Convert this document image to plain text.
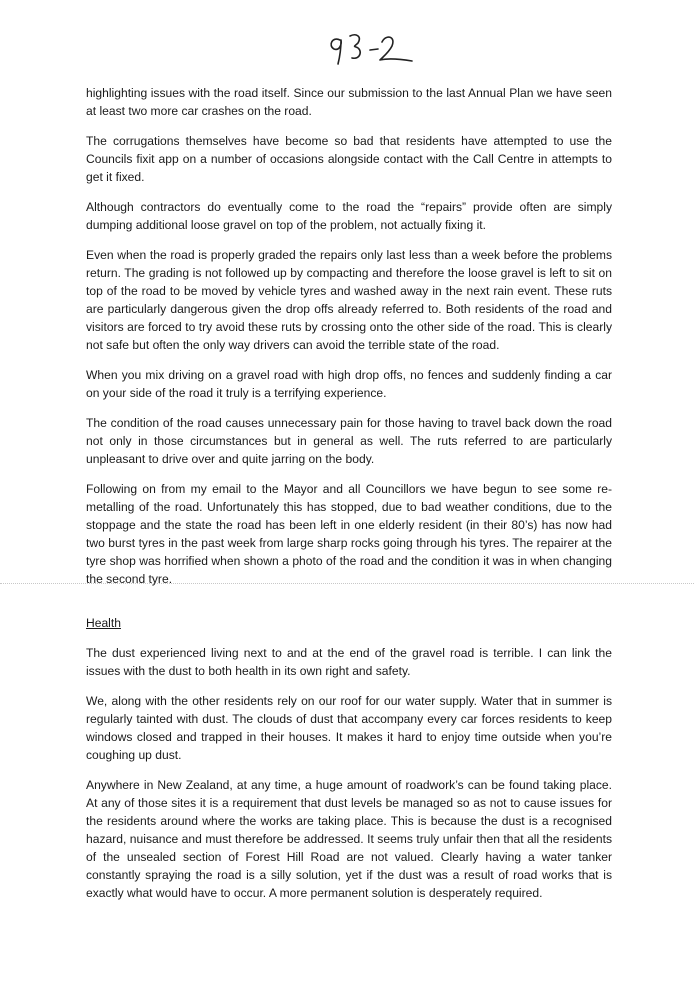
highlighting issues with the road itself. Since our submission to the last Annual Plan we have seen at least two more car crashes on the road.

The corrugations themselves have become so bad that residents have attempted to use the Councils fixit app on a number of occasions alongside contact with the Call Centre in attempts to get it fixed.

Although contractors do eventually come to the road the “repairs” provide often are simply dumping additional loose gravel on top of the problem, not actually fixing it.

Even when the road is properly graded the repairs only last less than a week before the problems return. The grading is not followed up by compacting and therefore the loose gravel is left to sit on top of the road to be moved by vehicle tyres and washed away in the next rain event. These ruts are particularly dangerous given the drop offs already referred to. Both residents of the road and visitors are forced to try avoid these ruts by crossing onto the other side of the road. This is clearly not safe but often the only way drivers can avoid the terrible state of the road.

When you mix driving on a gravel road with high drop offs, no fences and suddenly finding a car on your side of the road it truly is a terrifying experience.

The condition of the road causes unnecessary pain for those having to travel back down the road not only in those circumstances but in general as well. The ruts referred to are particularly unpleasant to drive over and quite jarring on the body.

Following on from my email to the Mayor and all Councillors we have begun to see some re-metalling of the road. Unfortunately this has stopped, due to bad weather conditions, due to the stoppage and the state the road has been left in one elderly resident (in their 80’s) has now had two burst tyres in the past week from large sharp rocks going through his tyres. The repairer at the tyre shop was horrified when shown a photo of the road and the condition it was in when changing the second tyre.

Health

The dust experienced living next to and at the end of the gravel road is terrible. I can link the issues with the dust to both health in its own right and safety.

We, along with the other residents rely on our roof for our water supply. Water that in summer is regularly tainted with dust. The clouds of dust that accompany every car forces residents to keep windows closed and trapped in their houses. It makes it hard to enjoy time outside when you’re coughing up dust.

Anywhere in New Zealand, at any time, a huge amount of roadwork’s can be found taking place. At any of those sites it is a requirement that dust levels be managed so as not to cause issues for the residents around where the works are taking place. This is because the dust is a recognised hazard, nuisance and must therefore be addressed. It seems truly unfair then that all the residents of the unsealed section of Forest Hill Road are not valued. Clearly having a water tanker constantly spraying the road is a silly solution, yet if the dust was a result of road works that is exactly what would have to occur. A more permanent solution is desperately required.
